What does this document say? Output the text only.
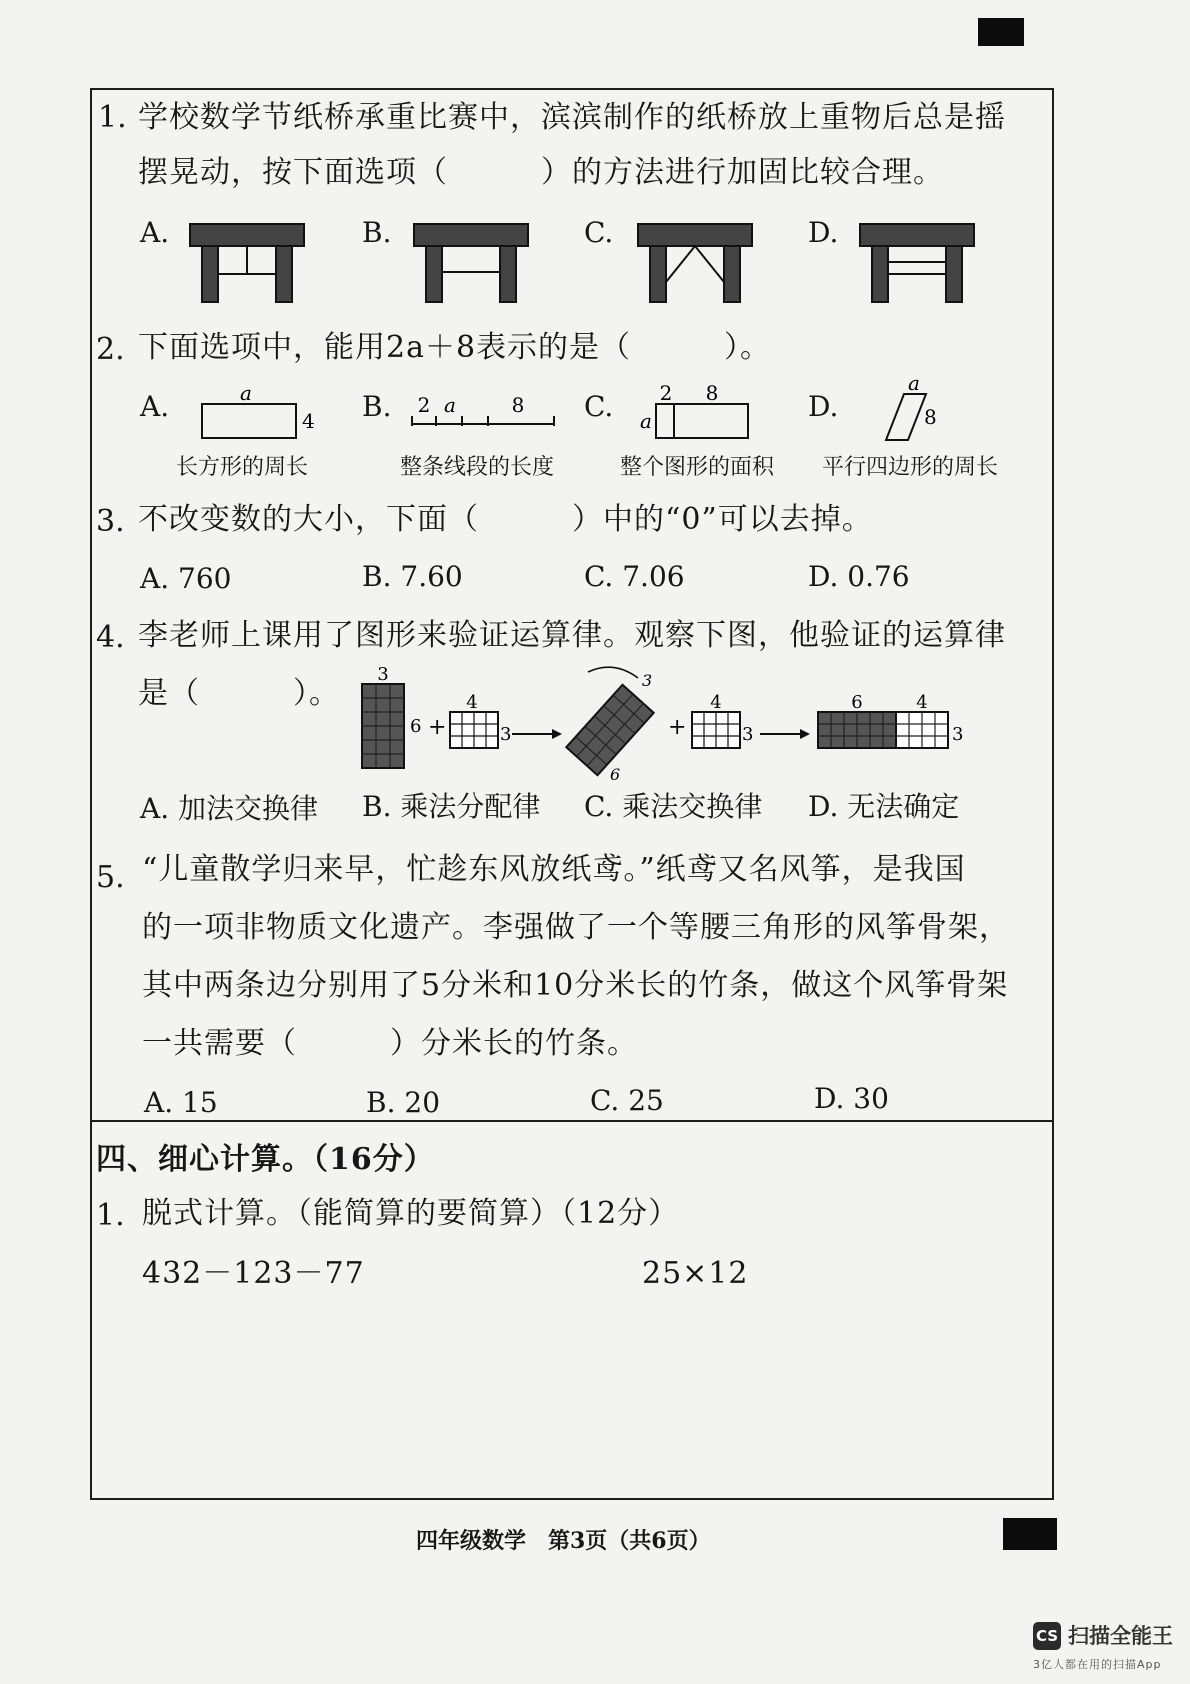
1. 学校数学节纸桥承重比赛中，滨滨制作的纸桥放上重物后总是摇
摆晃动，按下面选项（　　　）的方法进行加固比较合理。
A.	B.	C.	D.
2. 下面选项中，能用2a＋8表示的是（　　　）。
A.	B.	C.	D.
a
4
2 a	8	2 8
a
a
8
长方形的周长	整条线段的长度	整个图形的面积 平行四边形的周长
3. 不改变数的大小，下面（　　　）中的“0”可以去掉。
A. 760	B. 7.60	C. 7.06	D. 0.76
4. 李老师上课用了图形来验证运算律。观察下图，他验证的运算律
是（　　　）。
3
6 +
4
3
3
6
+
4
3
6	4
3
A. 加法交换律 B. 乘法分配律 C. 乘法交换律 D. 无法确定
5. “儿童散学归来早，忙趁东风放纸鸢。”纸鸢又名风筝，是我国
的一项非物质文化遗产。李强做了一个等腰三角形的风筝骨架，
其中两条边分别用了5分米和10分米长的竹条，做这个风筝骨架
一共需要（　　　）分米长的竹条。
A. 15	B. 20	C. 25	D. 30
四、细心计算。（16分）
1. 脱式计算。（能简算的要简算）（12分）
432－123－77	25×12
四年级数学　第3页（共6页）
CS 扫描全能王
3亿人都在用的扫描App
